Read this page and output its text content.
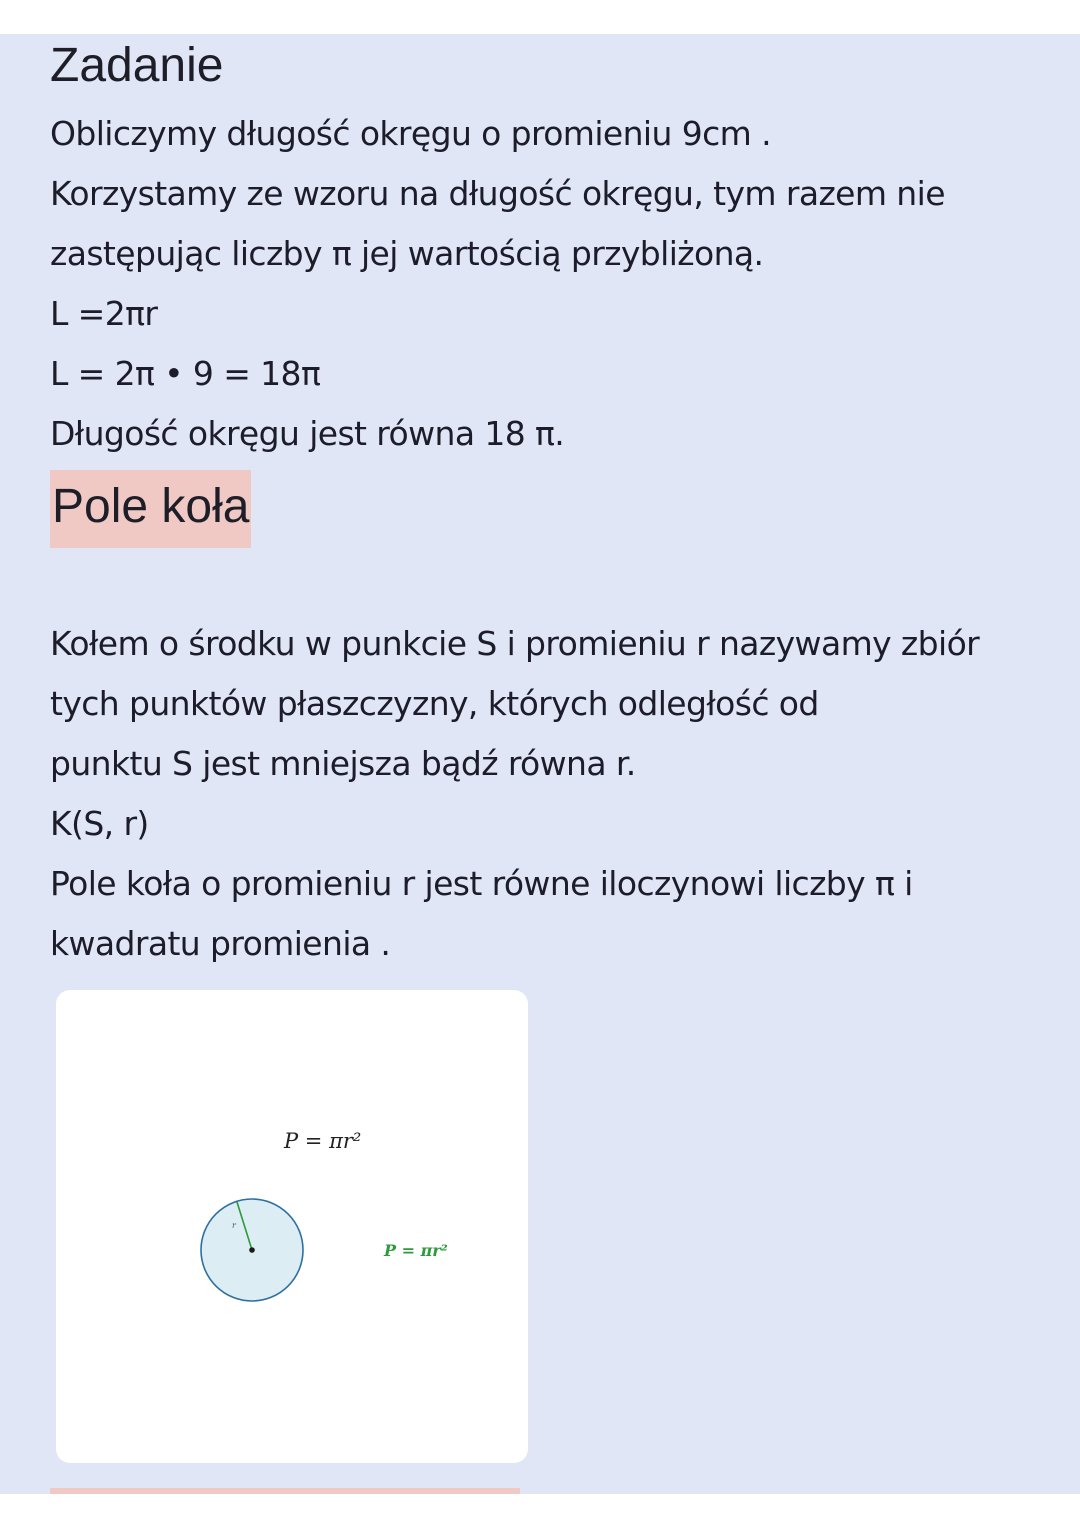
Zadanie
Obliczymy długość okręgu o promieniu 9cm .
Korzystamy ze wzoru na długość okręgu, tym razem nie
zastępując liczby π jej wartością przybliżoną.
L =2πr
L = 2π • 9 = 18π
Długość okręgu jest równa 18 π.
Pole koła
Kołem o środku w punkcie S i promieniu r nazywamy zbiór
tych punktów płaszczyzny, których odległość od
punktu S jest mniejsza bądź równa r.
K(S, r)
Pole koła o promieniu r jest równe iloczynowi liczby π i
kwadratu promienia .
P = πr²
r
P = πr²
